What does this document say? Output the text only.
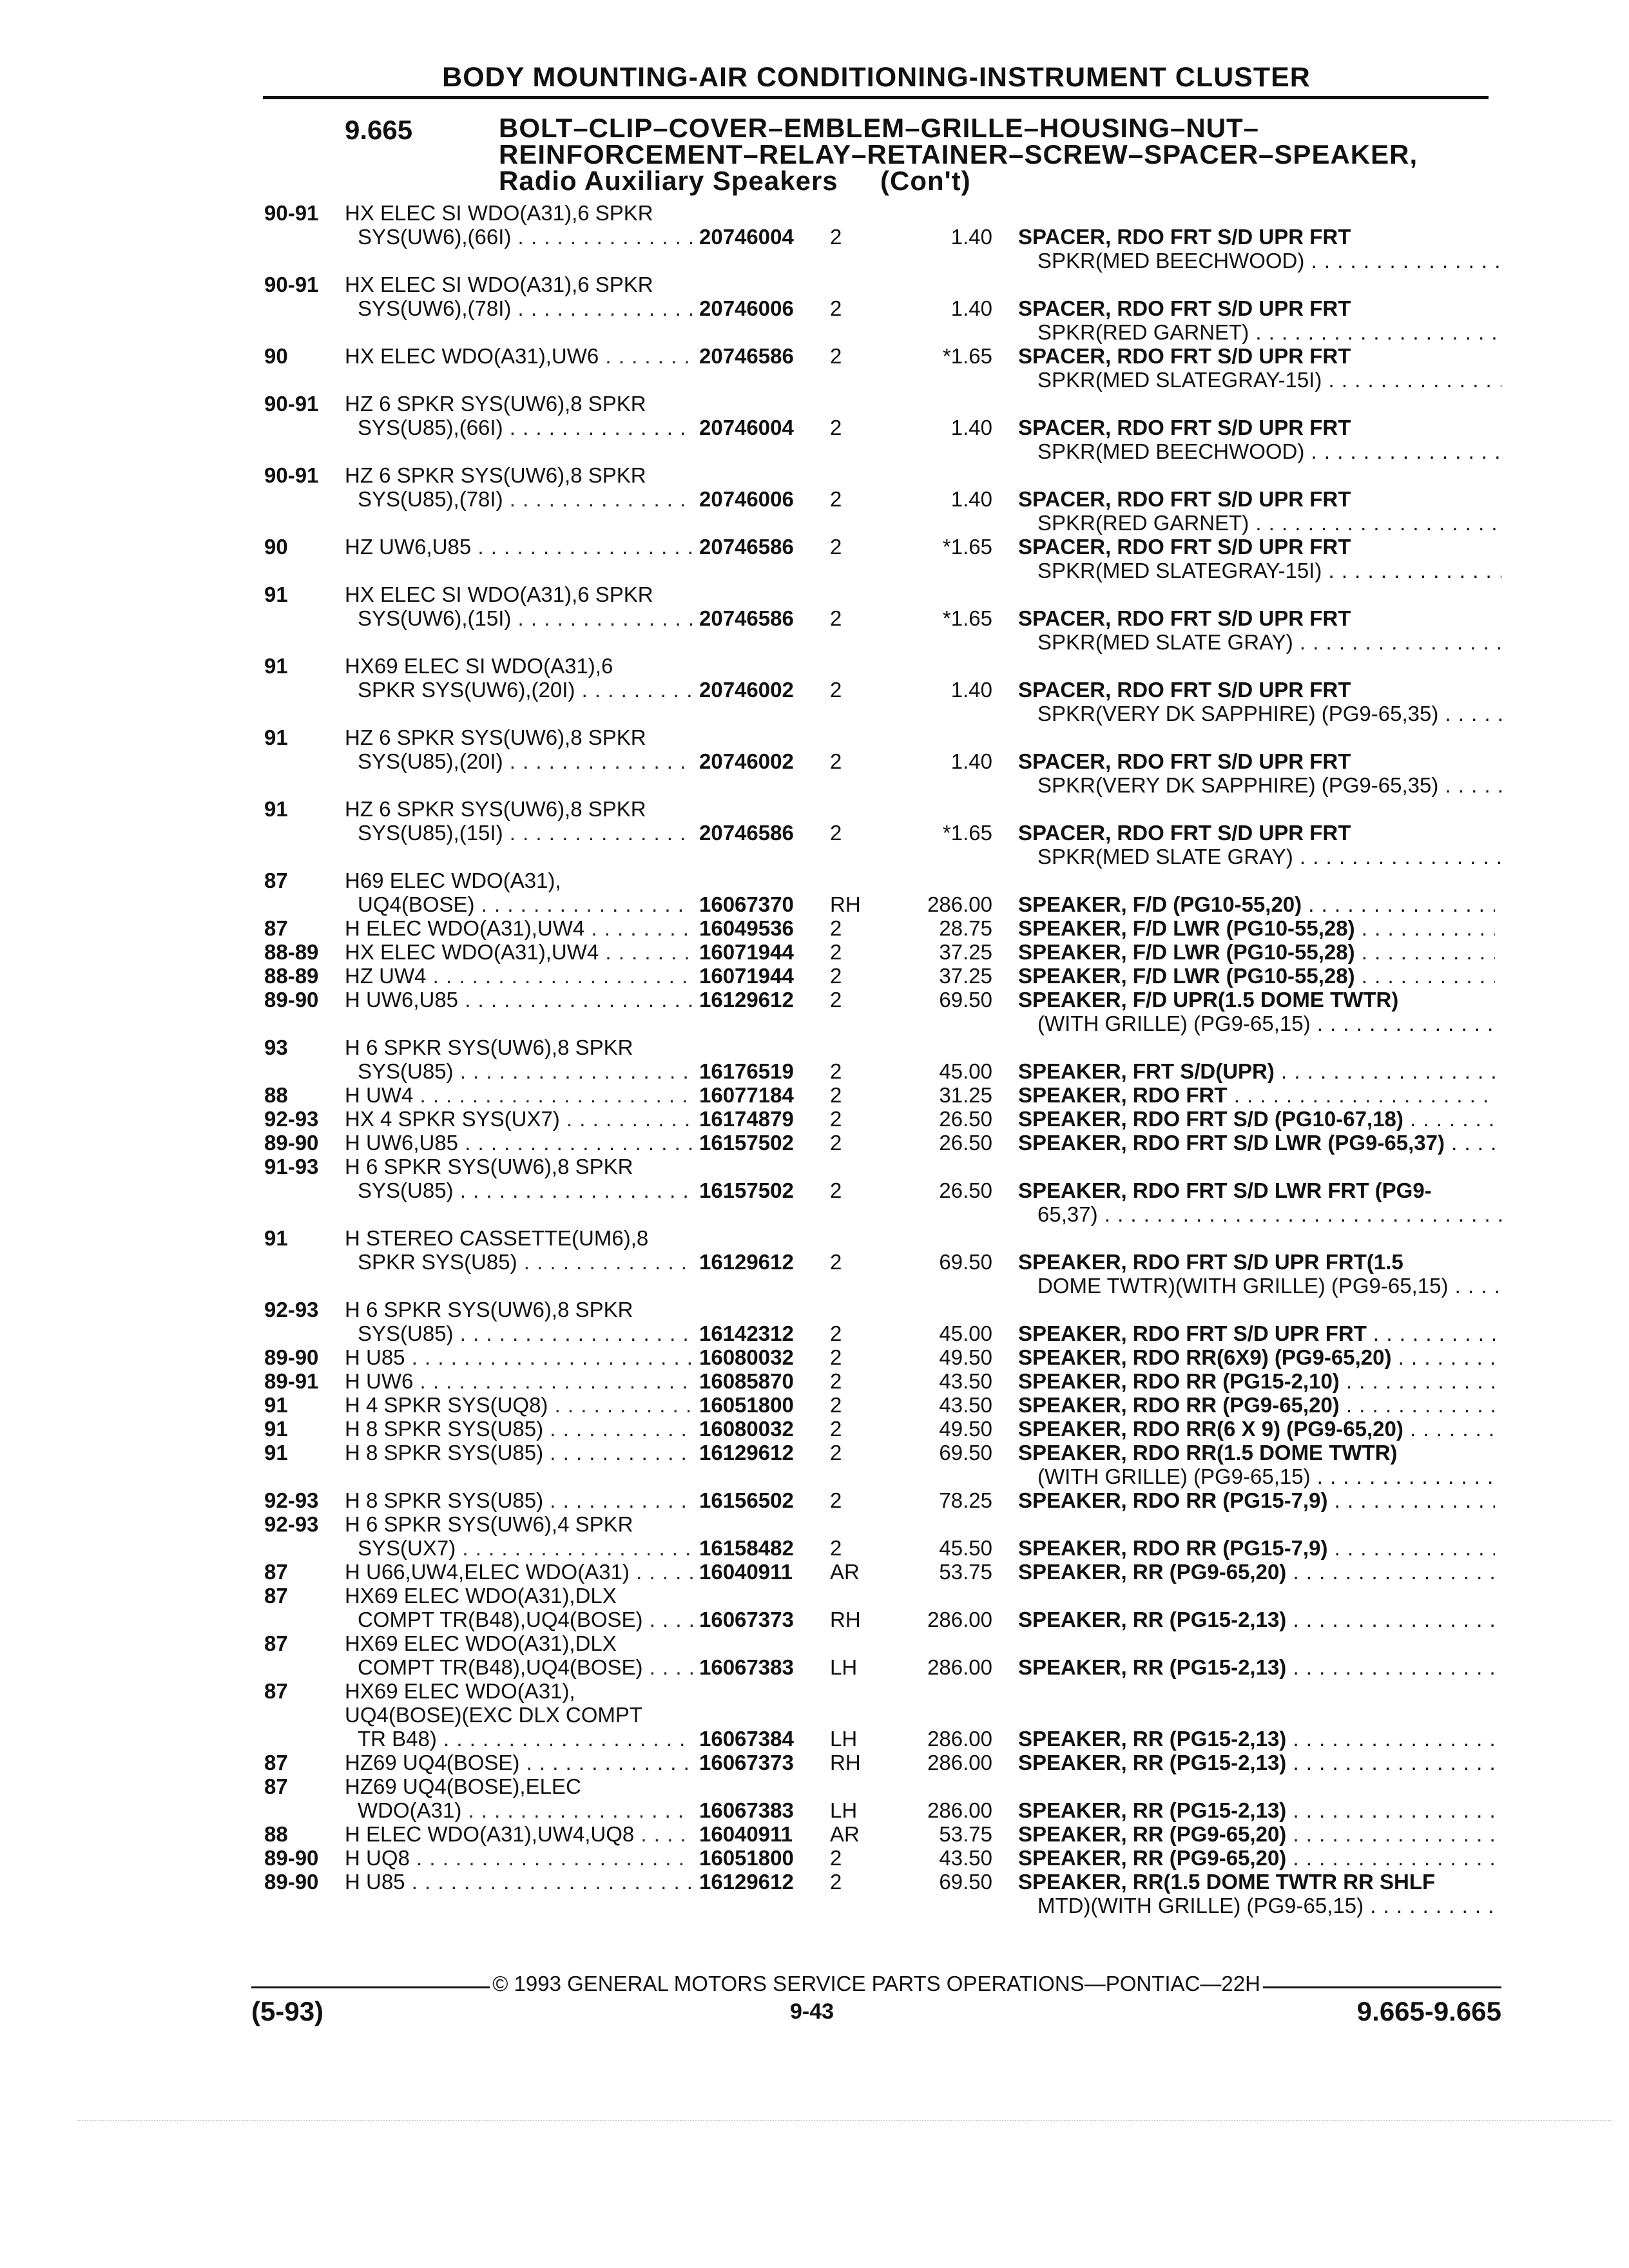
BODY MOUNTING-AIR CONDITIONING-INSTRUMENT CLUSTER
9.665	BOLT–CLIP–COVER–EMBLEM–GRILLE–HOUSING–NUT–
REINFORCEMENT–RELAY–RETAINER–SCREW–SPACER–SPEAKER,
Radio Auxiliary Speakers (Con't)
90-91	HX ELEC SI WDO(A31),6 SPKR
SYS(UW6),(66I) . . .	20746004	2	1.40 SPACER, RDO FRT S/D UPR FRT
SPKR(MED BEECHWOOD) . . .
90-91	HX ELEC SI WDO(A31),6 SPKR
SYS(UW6),(78I) . . .	20746006	2	1.40 SPACER, RDO FRT S/D UPR FRT
SPKR(RED GARNET) . . .
90	HX ELEC WDO(A31),UW6 . . .	20746586	2	*1.65 SPACER, RDO FRT S/D UPR FRT
SPKR(MED SLATEGRAY-15I) . . .
90-91	HZ 6 SPKR SYS(UW6),8 SPKR
SYS(U85),(66I) . . .	20746004	2	1.40 SPACER, RDO FRT S/D UPR FRT
SPKR(MED BEECHWOOD) . . .
90-91	HZ 6 SPKR SYS(UW6),8 SPKR
SYS(U85),(78I) . . .	20746006	2	1.40 SPACER, RDO FRT S/D UPR FRT
SPKR(RED GARNET) . . .
90	HZ UW6,U85 . . .	20746586	2	*1.65 SPACER, RDO FRT S/D UPR FRT
SPKR(MED SLATEGRAY-15I) . . .
91	HX ELEC SI WDO(A31),6 SPKR
SYS(UW6),(15I) . . .	20746586	2	*1.65 SPACER, RDO FRT S/D UPR FRT
SPKR(MED SLATE GRAY) . . .
91	HX69 ELEC SI WDO(A31),6
SPKR SYS(UW6),(20I) . . .	20746002	2	1.40 SPACER, RDO FRT S/D UPR FRT
SPKR(VERY DK SAPPHIRE) (PG9-65,35) . . .
91	HZ 6 SPKR SYS(UW6),8 SPKR
SYS(U85),(20I) . . .	20746002	2	1.40 SPACER, RDO FRT S/D UPR FRT
SPKR(VERY DK SAPPHIRE) (PG9-65,35) . . .
91	HZ 6 SPKR SYS(UW6),8 SPKR
SYS(U85),(15I) . . .	20746586	2	*1.65 SPACER, RDO FRT S/D UPR FRT
SPKR(MED SLATE GRAY) . . .
87	H69 ELEC WDO(A31),
UQ4(BOSE) . . .	16067370	RH	286.00 SPEAKER, F/D (PG10-55,20) . . .
87	H ELEC WDO(A31),UW4 . . .	16049536	2	28.75 SPEAKER, F/D LWR (PG10-55,28) . . .
88-89	HX ELEC WDO(A31),UW4 . . .	16071944	2	37.25 SPEAKER, F/D LWR (PG10-55,28) . . .
88-89	HZ UW4 . . .	16071944	2	37.25 SPEAKER, F/D LWR (PG10-55,28) . . .
89-90	H UW6,U85 . . .	16129612	2	69.50 SPEAKER, F/D UPR(1.5 DOME TWTR)
(WITH GRILLE) (PG9-65,15) . . .
93	H 6 SPKR SYS(UW6),8 SPKR
SYS(U85) . . .	16176519	2	45.00 SPEAKER, FRT S/D(UPR) . . .
88	H UW4 . . .	16077184	2	31.25 SPEAKER, RDO FRT . . .
92-93	HX 4 SPKR SYS(UX7) . . .	16174879	2	26.50 SPEAKER, RDO FRT S/D (PG10-67,18) . . .
89-90	H UW6,U85 . . .	16157502	2	26.50 SPEAKER, RDO FRT S/D LWR (PG9-65,37) . . .
91-93	H 6 SPKR SYS(UW6),8 SPKR
SYS(U85) . . .	16157502	2	26.50 SPEAKER, RDO FRT S/D LWR FRT (PG9-
65,37) . . .
91	H STEREO CASSETTE(UM6),8
SPKR SYS(U85) . . .	16129612	2	69.50 SPEAKER, RDO FRT S/D UPR FRT(1.5
DOME TWTR)(WITH GRILLE) (PG9-65,15) . . .
92-93	H 6 SPKR SYS(UW6),8 SPKR
SYS(U85) . . .	16142312	2	45.00 SPEAKER, RDO FRT S/D UPR FRT . . .
89-90	H U85 . . .	16080032	2	49.50 SPEAKER, RDO RR(6X9) (PG9-65,20) . . .
89-91	H UW6 . . .	16085870	2	43.50 SPEAKER, RDO RR (PG15-2,10) . . .
91	H 4 SPKR SYS(UQ8) . . .	16051800	2	43.50 SPEAKER, RDO RR (PG9-65,20) . . .
91	H 8 SPKR SYS(U85) . . .	16080032	2	49.50 SPEAKER, RDO RR(6 X 9) (PG9-65,20) . . .
91	H 8 SPKR SYS(U85) . . .	16129612	2	69.50 SPEAKER, RDO RR(1.5 DOME TWTR)
(WITH GRILLE) (PG9-65,15) . . .
92-93	H 8 SPKR SYS(U85) . . .	16156502	2	78.25 SPEAKER, RDO RR (PG15-7,9) . . .
92-93	H 6 SPKR SYS(UW6),4 SPKR
SYS(UX7) . . .	16158482	2	45.50 SPEAKER, RDO RR (PG15-7,9) . . .
87	H U66,UW4,ELEC WDO(A31) . . .	16040911	AR	53.75 SPEAKER, RR (PG9-65,20) . . .
87	HX69 ELEC WDO(A31),DLX
COMPT TR(B48),UQ4(BOSE) . . .	16067373	RH	286.00 SPEAKER, RR (PG15-2,13) . . .
87	HX69 ELEC WDO(A31),DLX
COMPT TR(B48),UQ4(BOSE) . . .	16067383	LH	286.00 SPEAKER, RR (PG15-2,13) . . .
87	HX69 ELEC WDO(A31),
UQ4(BOSE)(EXC DLX COMPT
TR B48) . . .	16067384	LH	286.00 SPEAKER, RR (PG15-2,13) . . .
87	HZ69 UQ4(BOSE) . . .	16067373	RH	286.00 SPEAKER, RR (PG15-2,13) . . .
87	HZ69 UQ4(BOSE),ELEC
WDO(A31) . . .	16067383	LH	286.00 SPEAKER, RR (PG15-2,13) . . .
88	H ELEC WDO(A31),UW4,UQ8 . . .	16040911	AR	53.75 SPEAKER, RR (PG9-65,20) . . .
89-90	H UQ8 . . .	16051800	2	43.50 SPEAKER, RR (PG9-65,20) . . .
89-90	H U85 . . .	16129612	2	69.50 SPEAKER, RR(1.5 DOME TWTR RR SHLF
MTD)(WITH GRILLE) (PG9-65,15) . . .
© 1993 GENERAL MOTORS SERVICE PARTS OPERATIONS—PONTIAC—22H
(5-93)	9-43	9.665-9.665
